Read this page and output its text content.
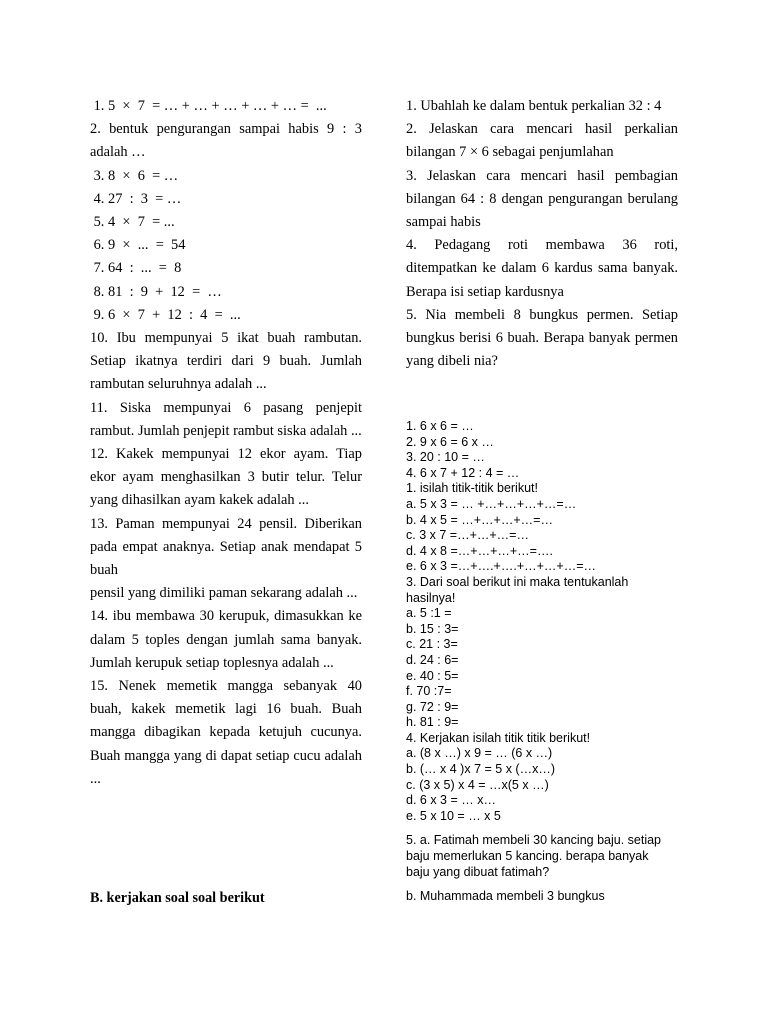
1. 5  ×  7  = … + … + … + … + … =  ...

2. bentuk pengurangan sampai habis 9 : 3 adalah …

3. 8  ×  6  = …

4. 27  :  3  = …

5. 4  ×  7  = ...

6. 9  ×  ...  =  54

7. 64  :  ...  =  8

8. 81  :  9  +  12  =  …

9. 6  ×  7  +  12  :  4  =  ...

10. Ibu mempunyai 5 ikat buah rambutan. Setiap ikatnya terdiri dari 9 buah. Jumlah rambutan seluruhnya adalah ...

11. Siska mempunyai 6 pasang penjepit rambut. Jumlah penjepit rambut siska adalah ...

12. Kakek mempunyai 12 ekor ayam. Tiap ekor ayam menghasilkan 3 butir telur. Telur yang dihasilkan ayam kakek adalah ...

13. Paman mempunyai 24 pensil. Diberikan pada empat anaknya. Setiap anak mendapat 5 buah

pensil yang dimiliki paman sekarang adalah ...

14. ibu membawa 30 kerupuk, dimasukkan ke dalam 5 toples dengan jumlah sama banyak. Jumlah kerupuk setiap toplesnya adalah ...

15. Nenek memetik mangga sebanyak 40 buah, kakek memetik lagi 16 buah. Buah mangga dibagikan kepada ketujuh cucunya. Buah mangga yang di dapat setiap cucu adalah ...

B. kerjakan soal soal berikut

1. Ubahlah ke dalam bentuk perkalian 32 : 4

2. Jelaskan cara mencari hasil perkalian bilangan 7 × 6 sebagai penjumlahan

3. Jelaskan cara mencari hasil pembagian bilangan 64 : 8 dengan pengurangan berulang sampai habis

4. Pedagang roti membawa 36 roti, ditempatkan ke dalam 6 kardus sama banyak. Berapa isi setiap kardusnya

5. Nia membeli 8 bungkus permen. Setiap bungkus berisi 6 buah. Berapa banyak permen yang dibeli nia?

1. 6 x 6 = …

2. 9 x 6 = 6 x …

3. 20 : 10 = …

4. 6 x 7 + 12 : 4 = …

1. isilah titik-titik berikut!

a. 5 x 3 = … +…+…+…+…=…

b. 4 x 5 = …+…+…+…=…

c. 3 x 7 =…+…+…=…

d. 4 x 8 =…+…+…+…=….

e. 6 x 3 =…+….+….+…+…+…=…

3. Dari soal berikut ini maka tentukanlah

hasilnya!

a. 5 :1 =

b. 15 : 3=

c. 21 : 3=

d. 24 : 6=

e. 40 : 5=

f. 70 :7=

g. 72 : 9=

h. 81 : 9=

4. Kerjakan isilah titik titik berikut!

a. (8 x …) x 9 = … (6 x …)

b. (… x 4 )x 7 = 5 x (…x…)

c. (3 x 5) x 4 = …x(5 x …)

d. 6 x 3 = … x…

e. 5 x 10 = … x 5

5. a. Fatimah membeli 30 kancing baju. setiap

baju memerlukan 5 kancing. berapa banyak

baju yang dibuat fatimah?

b. Muhammada membeli 3 bungkus
